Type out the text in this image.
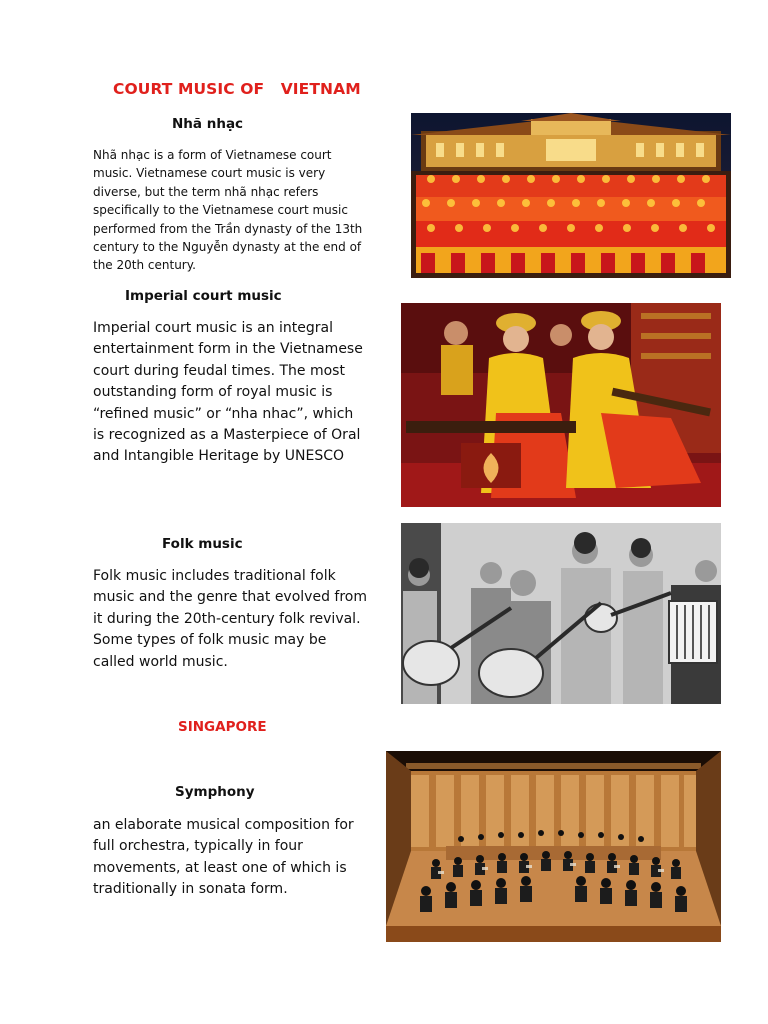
COURT MUSIC OF   VIETNAM
Nhã nhạc
Nhã nhạc is a form of Vietnamese court music. Vietnamese court music is very diverse, but the term nhã nhạc refers specifically to the Vietnamese court music performed from the Trần dynasty of the 13th century to the Nguyễn dynasty at the end of the 20th century.
Imperial court music
Imperial court music is an integral entertainment form in the Vietnamese court during feudal times. The most outstanding form of royal music is “refined music” or “nha nhac”, which is recognized as a Masterpiece of Oral and Intangible Heritage by UNESCO
Folk music
Folk music includes traditional folk music and the genre that evolved from it during the 20th-century folk revival. Some types of folk music may be called world music.
SINGAPORE
Symphony
an elaborate musical composition for full orchestra, typically in four movements, at least one of which is traditionally in sonata form.
